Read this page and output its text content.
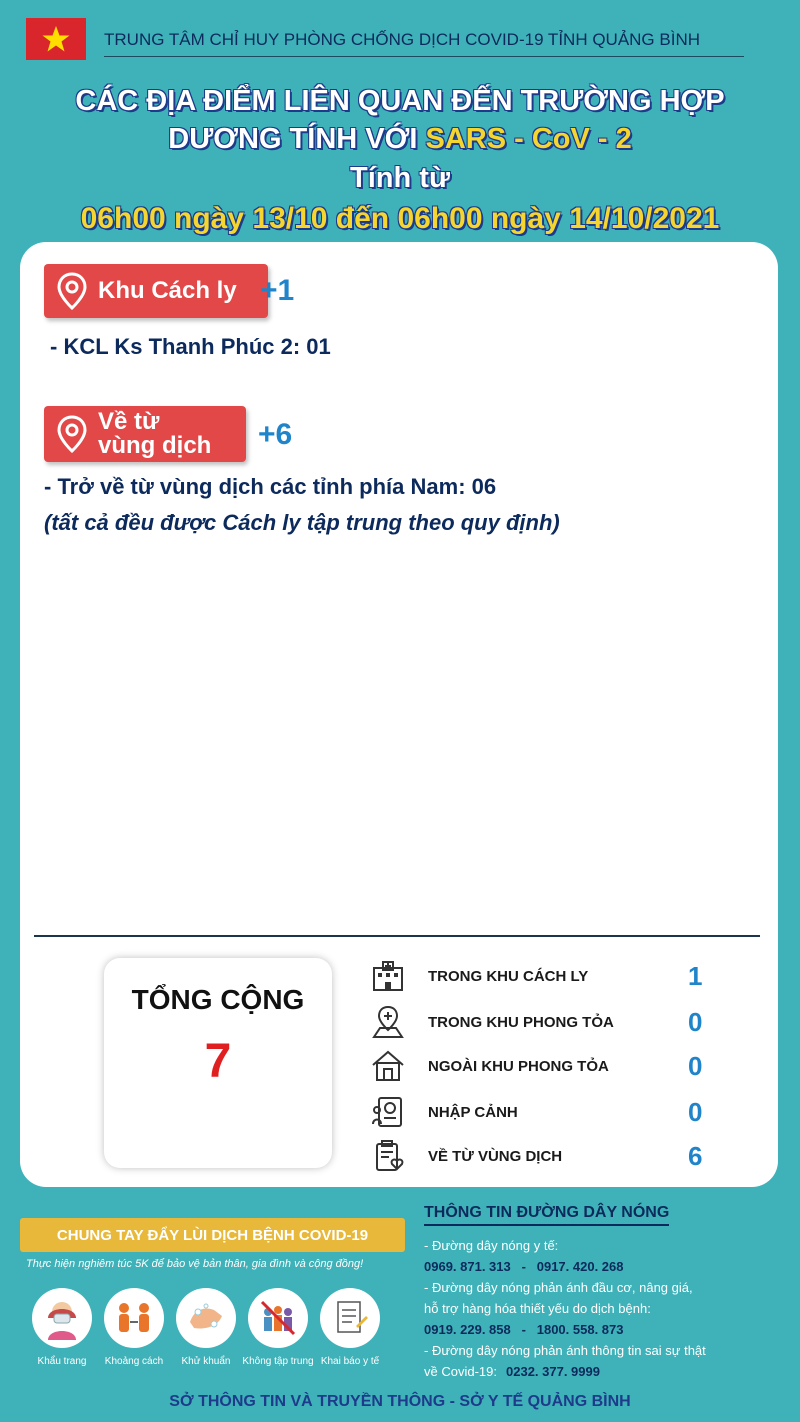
TRUNG TÂM CHỈ HUY PHÒNG CHỐNG DỊCH COVID-19 TỈNH QUẢNG BÌNH
CÁC ĐỊA ĐIỂM LIÊN QUAN ĐẾN TRƯỜNG HỢP
DƯƠNG TÍNH VỚI SARS - CoV - 2
Tính từ
06h00 ngày 13/10 đến 06h00 ngày 14/10/2021
Khu Cách ly +1
- KCL Ks Thanh Phúc 2: 01
Về từ
vùng dịch +6
- Trở về từ vùng dịch các tỉnh phía Nam: 06
(tất cả đều được Cách ly tập trung theo quy định)
TỔNG CỘNG
7
TRONG KHU CÁCH LY	1
TRONG KHU PHONG TỎA	0
NGOÀI KHU PHONG TỎA	0
NHẬP CẢNH	0
VỀ TỪ VÙNG DỊCH	6
CHUNG TAY ĐẨY LÙI DỊCH BỆNH COVID-19
Thực hiện nghiêm túc 5K để bảo vệ bản thân, gia đình và cộng đồng!
Khẩu trang	Khoảng cách	Khử khuẩn	Không tập trung Khai báo y tế
THÔNG TIN ĐƯỜNG DÂY NÓNG
- Đường dây nóng y tế:
0969. 871. 313   -   0917. 420. 268
- Đường dây nóng phản ánh đầu cơ, nâng giá,
hỗ trợ hàng hóa thiết yếu do dịch bệnh:
0919. 229. 858   -   1800. 558. 873
- Đường dây nóng phản ánh thông tin sai sự thật
về Covid-19: 0232. 377. 9999
SỞ THÔNG TIN VÀ TRUYỀN THÔNG - SỞ Y TẾ QUẢNG BÌNH
